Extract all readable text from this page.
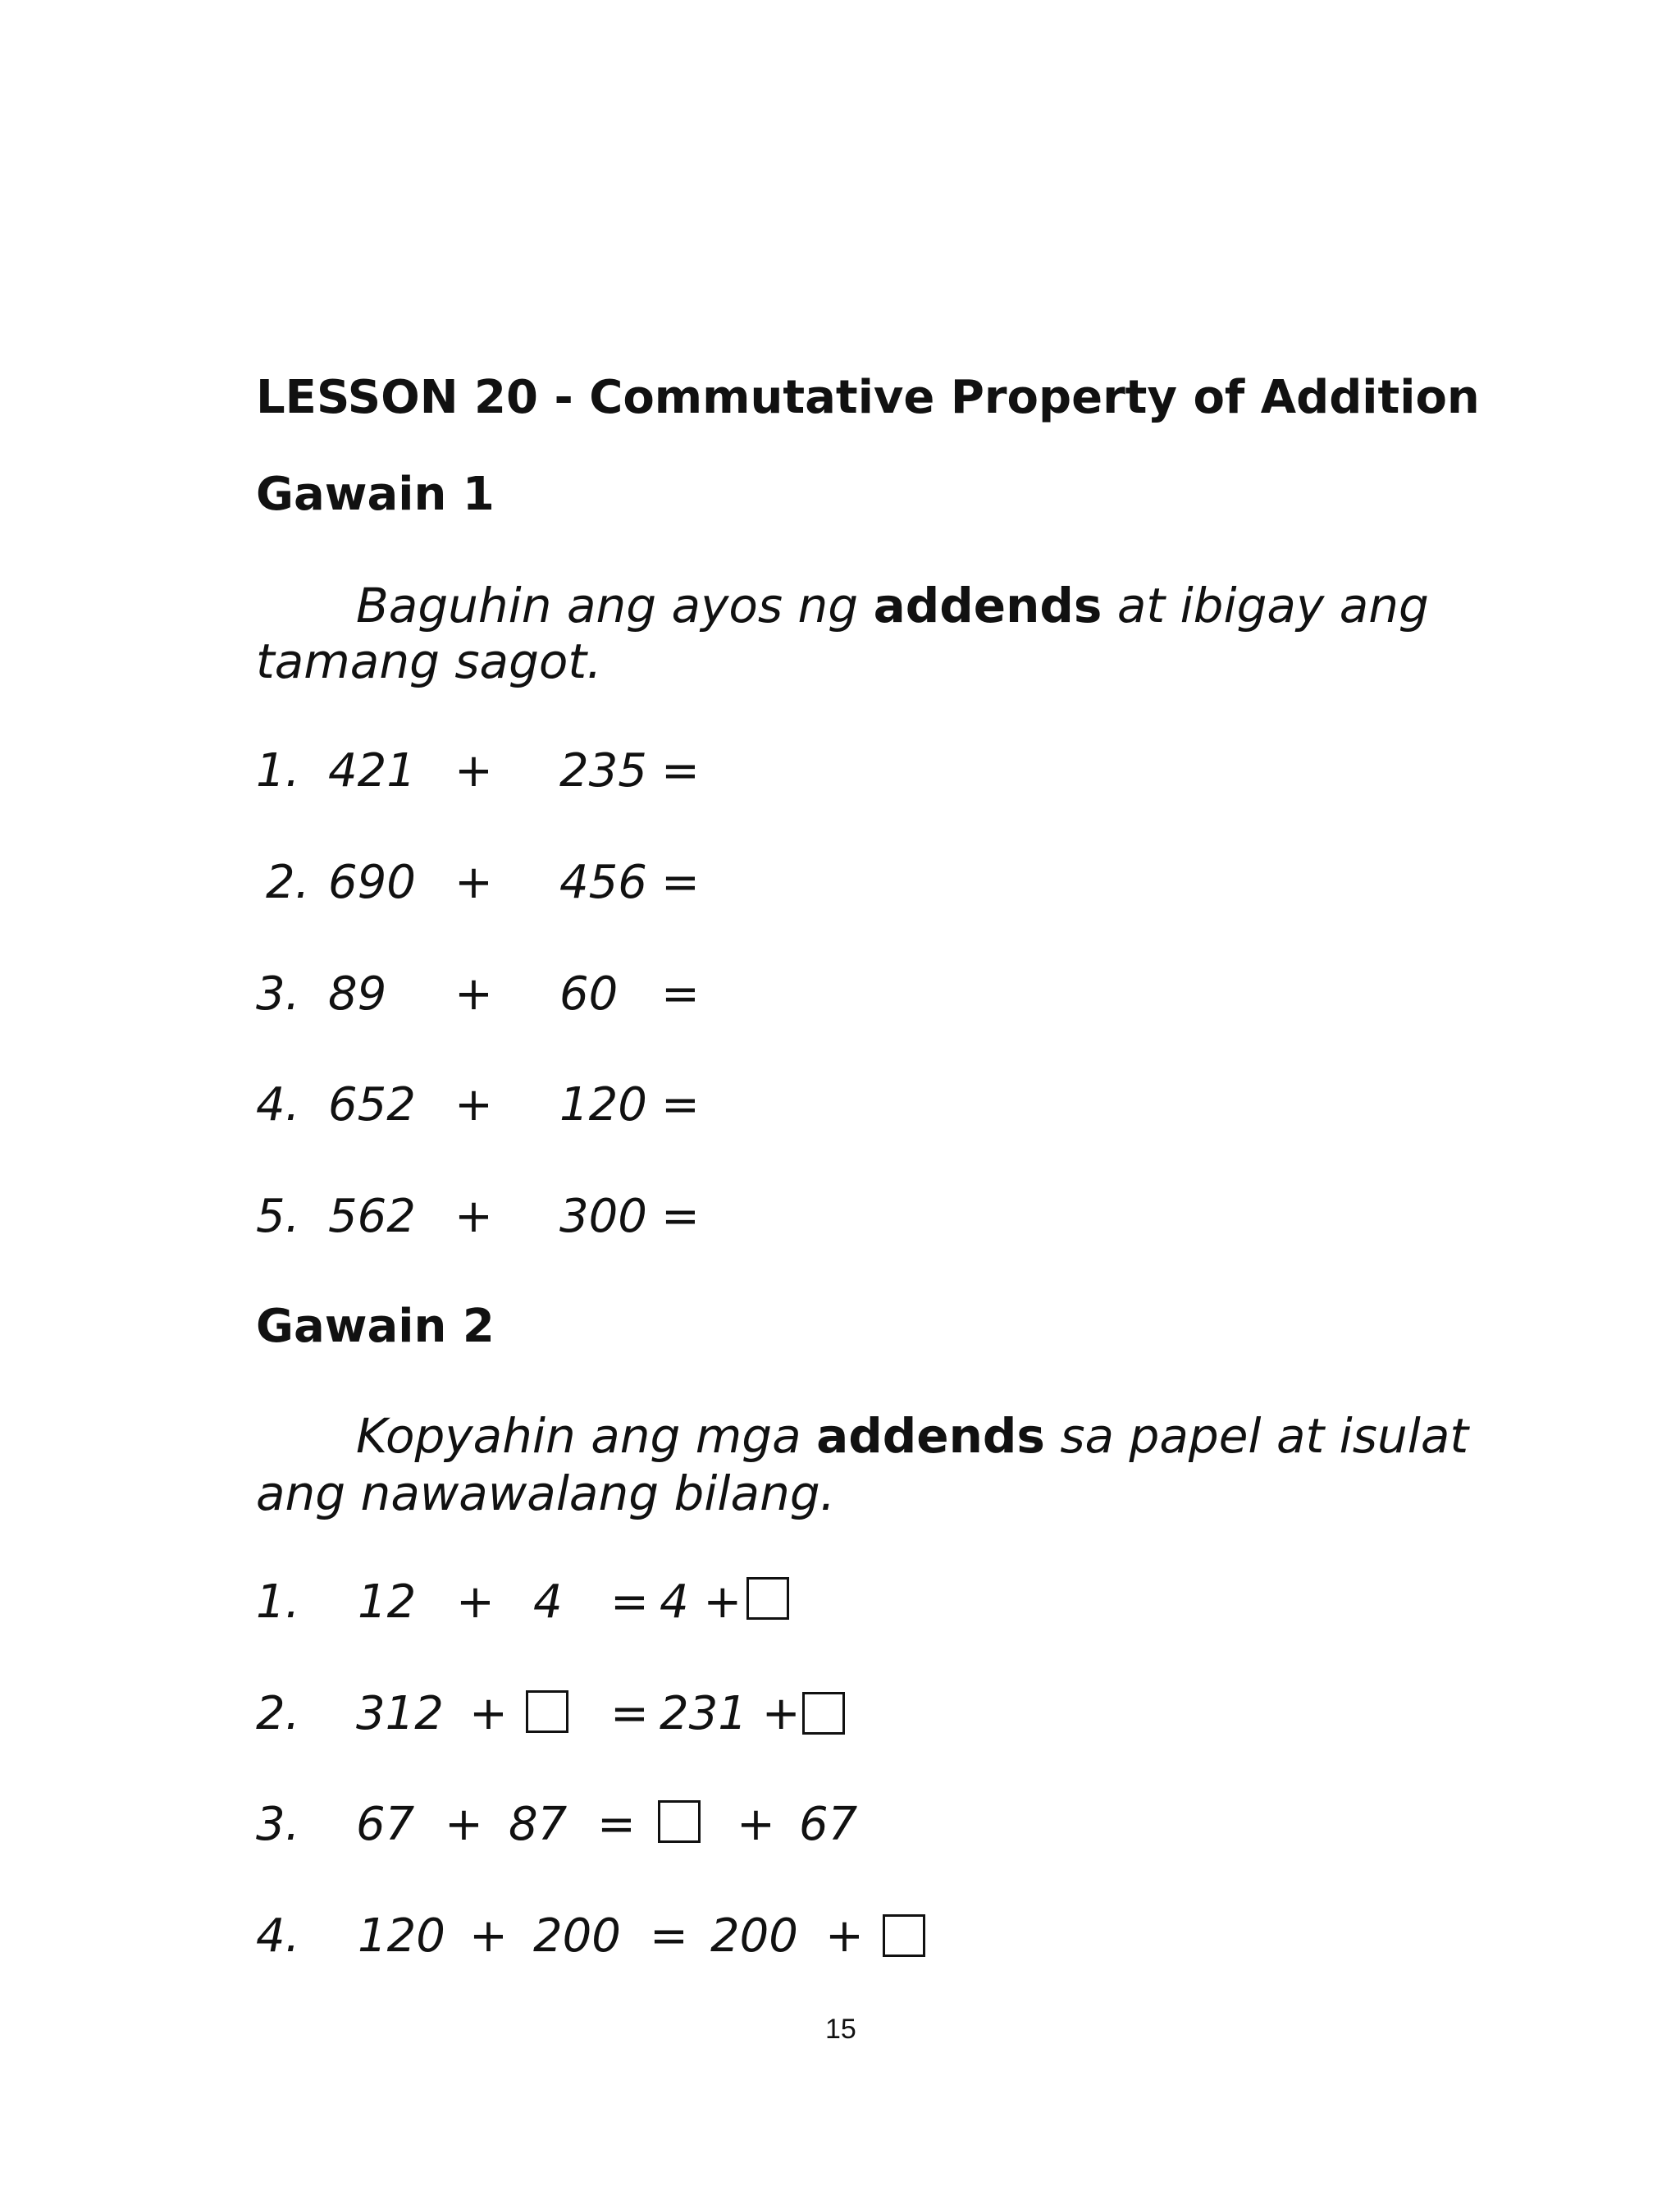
LESSON 20 - Commutative Property of Addition
Gawain 1
Baguhin ang ayos ng addends at ibigay ang
tamang sagot.
1. 421 + 235 =
2. 690 + 456 =
3. 89 + 60 =
4. 652 + 120 =
5. 562 + 300 =
Gawain 2
Kopyahin ang mga addends sa papel at isulat
ang nawawalang bilang.
1. 12 + 4 = 4 +
2. 312 + = 231 +
3. 67 + 87 = + 67
4. 120 + 200 = 200 +
15
